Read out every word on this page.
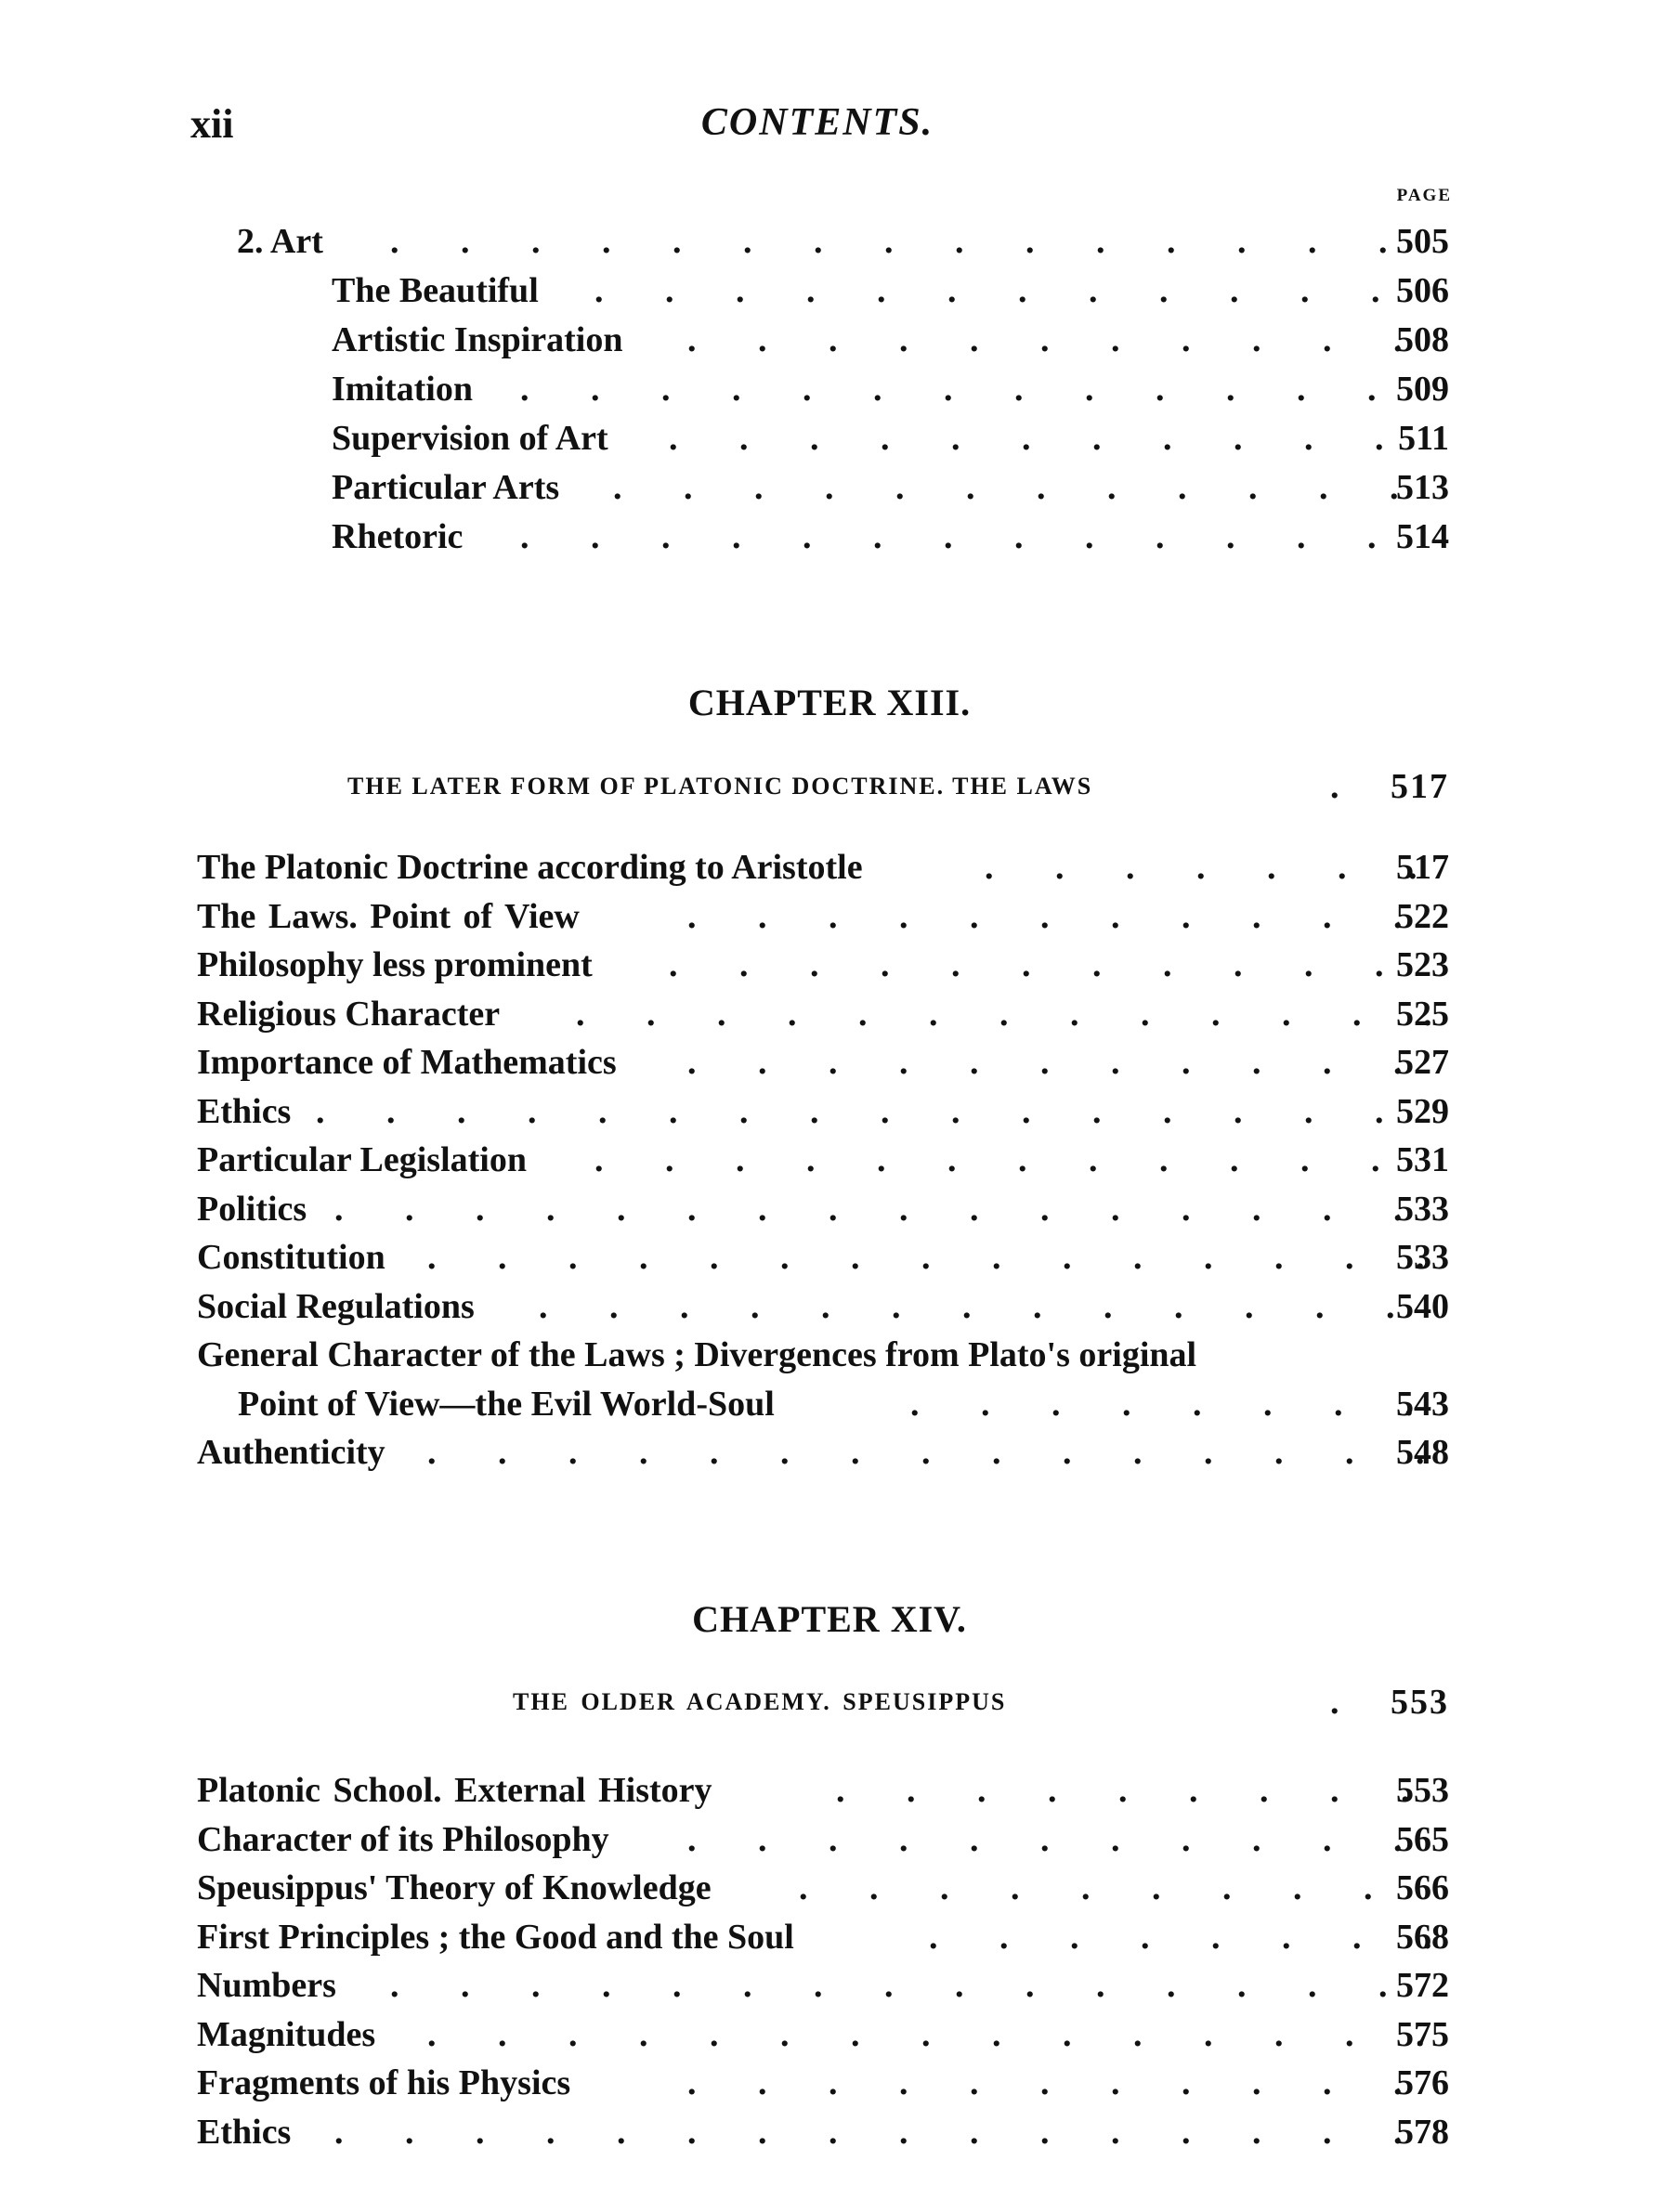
xii	CONTENTS.
PAGE
2. Art .	505
The Beautiful .	506
Artistic Inspiration .	508
Imitation .	509
Supervision of Art .	511
Particular Arts .	513
Rhetoric .	514
CHAPTER XIII.
THE LATER FORM OF PLATONIC DOCTRINE. THE LAWS	.	517
The Platonic Doctrine according to Aristotle .	517
The Laws. Point of View .	522
Philosophy less prominent .	523
Religious Character .	525
Importance of Mathematics .	527
Ethics .	529
Particular Legislation .	531
Politics .	533
Constitution .	533
Social Regulations .	540
General Character of the Laws ; Divergences from Plato's original
Point of View—the Evil World-Soul .	543
Authenticity .	548
CHAPTER XIV.
THE OLDER ACADEMY. SPEUSIPPUS	.	553
Platonic School. External History .	553
Character of its Philosophy .	565
Speusippus' Theory of Knowledge .	566
First Principles ; the Good and the Soul .	568
Numbers .	572
Magnitudes .	575
Fragments of his Physics .	576
Ethics .	578
